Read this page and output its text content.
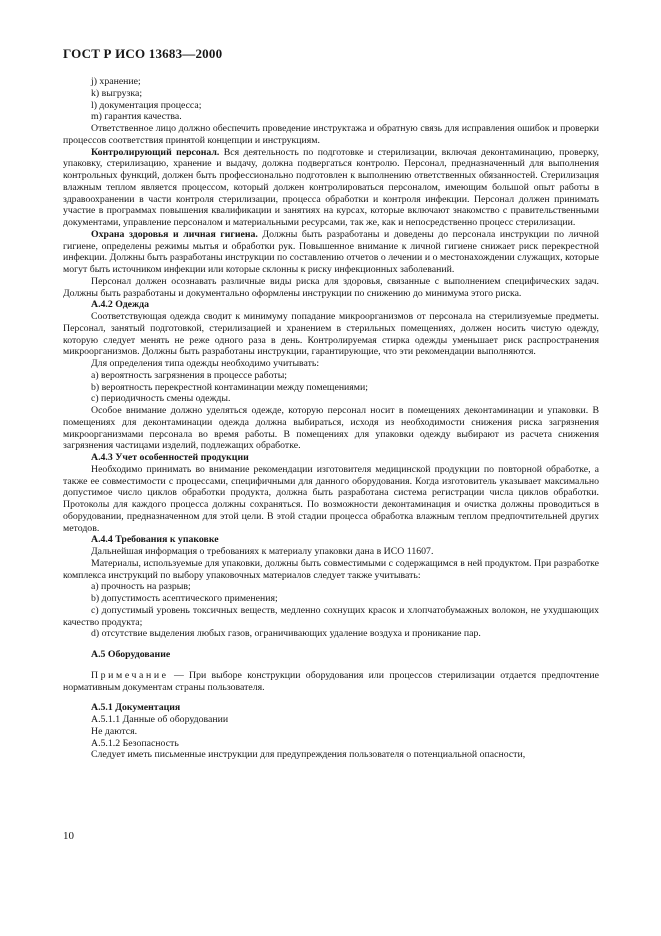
ГОСТ Р ИСО 13683—2000

j) хранение;

k) выгрузка;

l) документация процесса;

m) гарантия качества.

Ответственное лицо должно обеспечить проведение инструктажа и обратную связь для исправления ошибок и проверки процессов соответствия принятой концепции и инструкциям.

Контролирующий персонал. Вся деятельность по подготовке и стерилизации, включая деконтаминацию, проверку, упаковку, стерилизацию, хранение и выдачу, должна подвергаться контролю. Персонал, предназначенный для выполнения контрольных функций, должен быть профессионально подготовлен к выполнению ответственных обязанностей. Стерилизация влажным теплом является процессом, который должен контролироваться персоналом, имеющим большой опыт работы в здравоохранении в части контроля стерилизации, процесса обработки и контроля инфекции. Персонал должен принимать участие в программах повышения квалификации и занятиях на курсах, которые включают знакомство с правительственными документами, управление персоналом и материальными ресурсами, так же, как и непосредственно процесс стерилизации.

Охрана здоровья и личная гигиена. Должны быть разработаны и доведены до персонала инструкции по личной гигиене, определены режимы мытья и обработки рук. Повышенное внимание к личной гигиене снижает риск перекрестной инфекции. Должны быть разработаны инструкции по составлению отчетов о лечении и о местонахождении служащих, которые могут быть источником инфекции или которые склонны к риску инфекционных заболеваний.

Персонал должен осознавать различные виды риска для здоровья, связанные с выполнением специфических задач. Должны быть разработаны и документально оформлены инструкции по снижению до минимума этого риска.

А.4.2 Одежда

Соответствующая одежда сводит к минимуму попадание микроорганизмов от персонала на стерилизуемые предметы. Персонал, занятый подготовкой, стерилизацией и хранением в стерильных помещениях, должен носить чистую одежду, которую следует менять не реже одного раза в день. Контролируемая стирка одежды уменьшает риск распространения микроорганизмов. Должны быть разработаны инструкции, гарантирующие, что эти рекомендации выполняются.

Для определения типа одежды необходимо учитывать:

a) вероятность загрязнения в процессе работы;

b) вероятность перекрестной контаминации между помещениями;

c) периодичность смены одежды.

Особое внимание должно уделяться одежде, которую персонал носит в помещениях деконтаминации и упаковки. В помещениях для деконтаминации одежда должна выбираться, исходя из необходимости снижения риска загрязнения микроорганизмами персонала во время работы. В помещениях для упаковки одежду выбирают из расчета снижения загрязнения частицами изделий, подлежащих обработке.

А.4.3 Учет особенностей продукции

Необходимо принимать во внимание рекомендации изготовителя медицинской продукции по повторной обработке, а также ее совместимости с процессами, специфичными для данного оборудования. Когда изготовитель указывает максимально допустимое число циклов обработки продукта, должна быть разработана система регистрации числа циклов обработки. Протоколы для каждого процесса должны сохраняться. По возможности деконтаминация и очистка должны проводиться в оборудовании, предназначенном для этой цели. В этой стадии процесса обработка влажным теплом предпочтительней других методов.

А.4.4 Требования к упаковке

Дальнейшая информация о требованиях к материалу упаковки дана в ИСО 11607.

Материалы, используемые для упаковки, должны быть совместимыми с содержащимся в ней продуктом. При разработке комплекса инструкций по выбору упаковочных материалов следует также учитывать:

a) прочность на разрыв;

b) допустимость асептического применения;

c) допустимый уровень токсичных веществ, медленно сохнущих красок и хлопчатобумажных волокон, не ухудшающих качество продукта;

d) отсутствие выделения любых газов, ограничивающих удаление воздуха и проникание пар.

А.5 Оборудование

Примечание — При выборе конструкции оборудования или процессов стерилизации отдается предпочтение нормативным документам страны пользователя.

А.5.1 Документация

А.5.1.1 Данные об оборудовании

Не даются.

А.5.1.2 Безопасность

Следует иметь письменные инструкции для предупреждения пользователя о потенциальной опасности,

10
